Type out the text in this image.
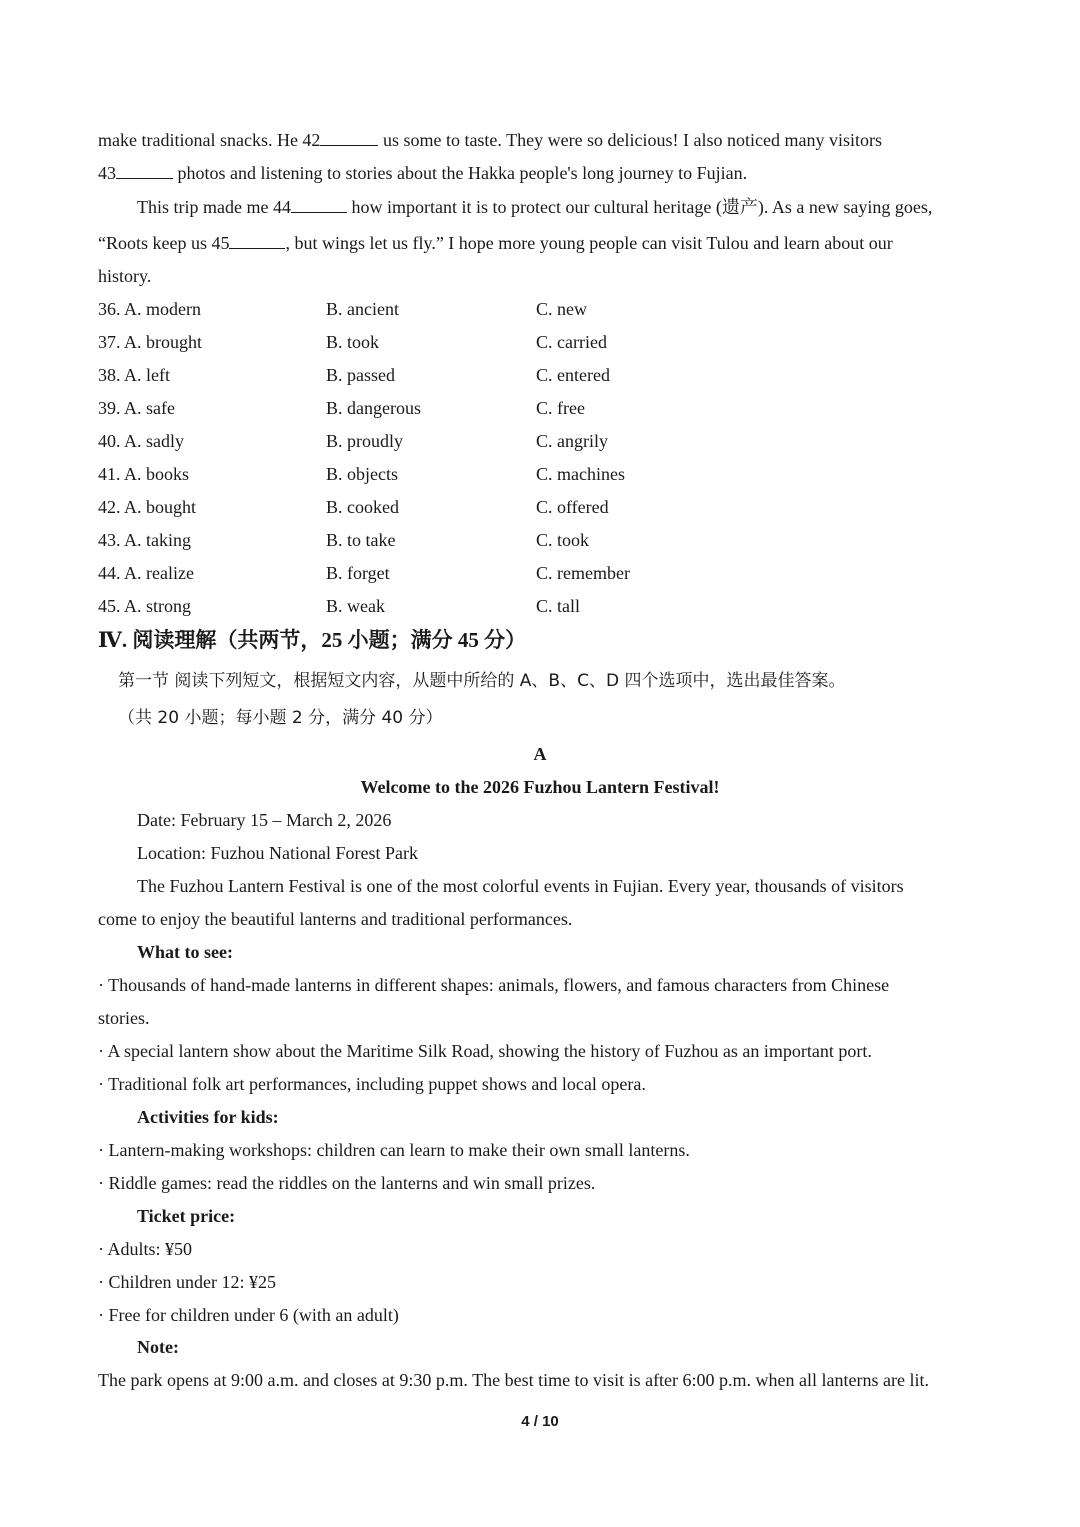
make traditional snacks. He 42	us some to taste. They were so delicious! I also noticed many visitors
43	photos and listening to stories about the Hakka people's long journey to Fujian.
This trip made me 44	how important it is to protect our cultural heritage (遗产). As a new saying goes,
“Roots keep us 45	, but wings let us fly.” I hope more young people can visit Tulou and learn about our
history.
36. A. modern	B. ancient	C. new
37. A. brought	B. took	C. carried
38. A. left	B. passed	C. entered
39. A. safe	B. dangerous	C. free
40. A. sadly	B. proudly	C. angrily
41. A. books	B. objects	C. machines
42. A. bought	B. cooked	C. offered
43. A. taking	B. to take	C. took
44. A. realize	B. forget	C. remember
45. A. strong	B. weak	C. tall
Ⅳ. 阅读理解（共两节，25 小题；满分 45 分）
第一节 阅读下列短文，根据短文内容，从题中所给的 A、B、C、D 四个选项中，选出最佳答案。
（共 20 小题；每小题 2 分，满分 40 分）
A
Welcome to the 2026 Fuzhou Lantern Festival!
Date: February 15 – March 2, 2026
Location: Fuzhou National Forest Park
The Fuzhou Lantern Festival is one of the most colorful events in Fujian. Every year, thousands of visitors
come to enjoy the beautiful lanterns and traditional performances.
What to see:
· Thousands of hand-made lanterns in different shapes: animals, flowers, and famous characters from Chinese
stories.
· A special lantern show about the Maritime Silk Road, showing the history of Fuzhou as an important port.
· Traditional folk art performances, including puppet shows and local opera.
Activities for kids:
· Lantern-making workshops: children can learn to make their own small lanterns.
· Riddle games: read the riddles on the lanterns and win small prizes.
Ticket price:
· Adults: ¥50
· Children under 12: ¥25
· Free for children under 6 (with an adult)
Note:
The park opens at 9:00 a.m. and closes at 9:30 p.m. The best time to visit is after 6:00 p.m. when all lanterns are lit.
4 / 10
